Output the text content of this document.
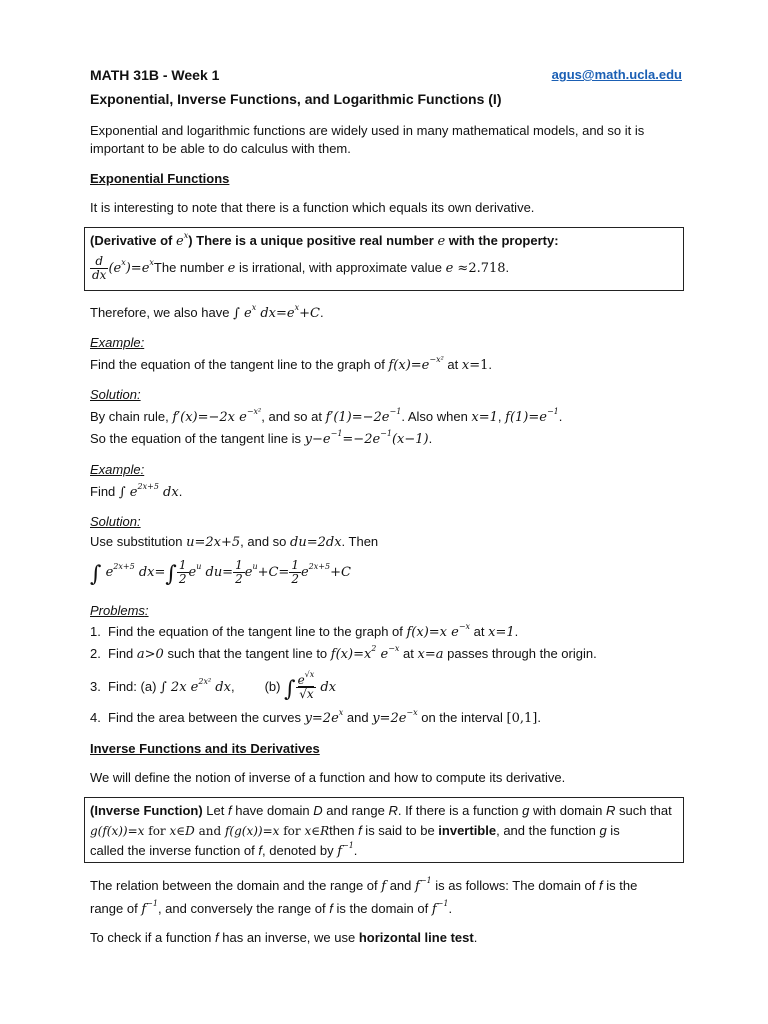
MATH 31B - Week 1	agus@math.ucla.edu
Exponential, Inverse Functions, and Logarithmic Functions (I)
Exponential and logarithmic functions are widely used in many mathematical models, and so it is
important to be able to do calculus with them.
Exponential Functions
It is interesting to note that there is a function which equals its own derivative.
(Derivative of $e^x$) There is a unique positive real number e with the property:
$\frac{d}{dx} (e^x)=e^xThe$ number e is irrational, with approximate value e ≈2.718.
Therefore, we also have ∫ $e^x$ $dx=e^x+C$.
Example:
Find the equation of the tangent line to the graph of $f(x)=e^{-x^2}$ at x=1.
Solution:
By chain rule, f′(x)=−2x $e^{-x^2}$, and so at $f'(1)=-2e^{-1}$. Also when x=1, $f(1)=e^{-1}$.
So the equation of the tangent line is $y-e^{-1}=-2e^{-1}(x-1)$.
Example:
Find ∫ $e^{2x+5}$ dx.
Solution:
Use substitution u=2x+5, and so du=2dx. Then
∫ $e^{2x+5}$ $dx=\int \frac{1}{2} e^u$ $du= \frac{1}{2} e^u+C= \frac{1}{2} e^{2x+5}+C$
Problems:
1. Find the equation of the tangent line to the graph of f(x)=x $e^{-x}$ at x=1.
2. Find a>0 such that the tangent line to $f(x)=x^2$ $e^{-x}$ at x=a passes through the origin.
3. Find: (a) ∫ 2x $e^{2x^2}$ dx, (b) ∫ $\frac{e^{√x}}{√x}$ dx
4. Find the area between the curves $y=2e^x$ and $y=2e^{-x}$ on the interval [0,1].
Inverse Functions and its Derivatives
We will define the notion of inverse of a function and how to compute its derivative.
(Inverse Function) Let f have domain D and range R. If there is a function g with domain R such that
g(f(x))=x for x∈D and f(g(x))=x for x∈Rthen f is said to be invertible, and the function g is
called the inverse function of f, denoted by $f^{-1}$.
The relation between the domain and the range of f and $f^{-1}$ is as follows: The domain of f is the
range of $f^{-1}$, and conversely the range of f is the domain of $f^{-1}$.
To check if a function f has an inverse, we use horizontal line test.
